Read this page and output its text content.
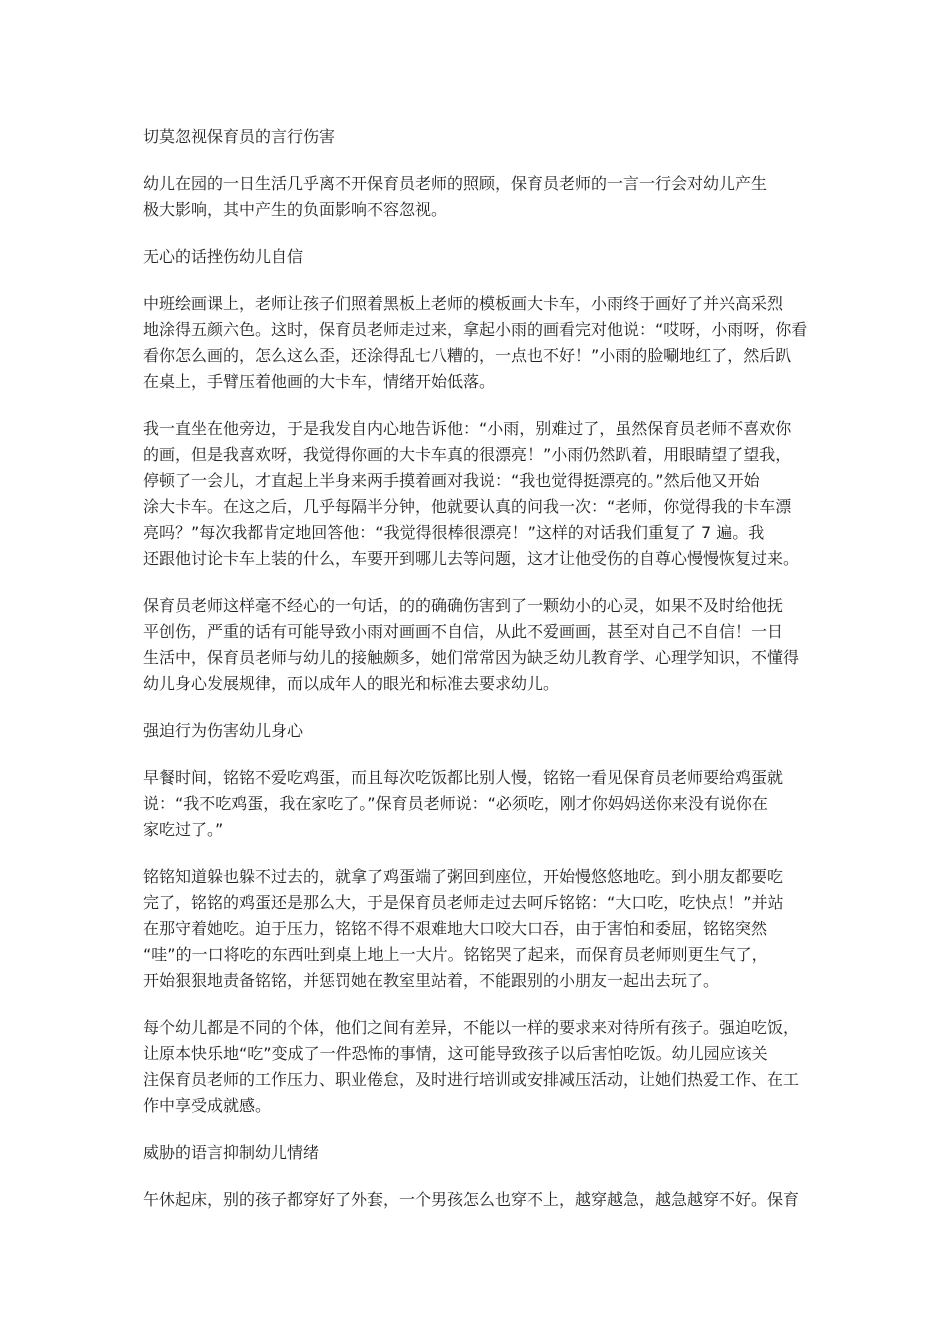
切莫忽视保育员的言行伤害

幼儿在园的一日生活几乎离不开保育员老师的照顾，保育员老师的一言一行会对幼儿产生
极大影响，其中产生的负面影响不容忽视。

无心的话挫伤幼儿自信

中班绘画课上，老师让孩子们照着黑板上老师的模板画大卡车，小雨终于画好了并兴高采烈
地涂得五颜六色。这时，保育员老师走过来，拿起小雨的画看完对他说：“哎呀，小雨呀，你看
看你怎么画的，怎么这么歪，还涂得乱七八糟的，一点也不好！”小雨的脸唰地红了，然后趴
在桌上，手臂压着他画的大卡车，情绪开始低落。

我一直坐在他旁边，于是我发自内心地告诉他：“小雨，别难过了，虽然保育员老师不喜欢你
的画，但是我喜欢呀，我觉得你画的大卡车真的很漂亮！”小雨仍然趴着，用眼睛望了望我，
停顿了一会儿，才直起上半身来两手摸着画对我说：“我也觉得挺漂亮的。”然后他又开始
涂大卡车。在这之后，几乎每隔半分钟，他就要认真的问我一次：“老师，你觉得我的卡车漂
亮吗？”每次我都肯定地回答他：“我觉得很棒很漂亮！”这样的对话我们重复了 7 遍。我
还跟他讨论卡车上装的什么，车要开到哪儿去等问题，这才让他受伤的自尊心慢慢恢复过来。

保育员老师这样毫不经心的一句话，的的确确伤害到了一颗幼小的心灵，如果不及时给他抚
平创伤，严重的话有可能导致小雨对画画不自信，从此不爱画画，甚至对自己不自信！一日
生活中，保育员老师与幼儿的接触颇多，她们常常因为缺乏幼儿教育学、心理学知识，不懂得
幼儿身心发展规律，而以成年人的眼光和标准去要求幼儿。

强迫行为伤害幼儿身心

早餐时间，铭铭不爱吃鸡蛋，而且每次吃饭都比别人慢，铭铭一看见保育员老师要给鸡蛋就
说：“我不吃鸡蛋，我在家吃了。”保育员老师说：“必须吃，刚才你妈妈送你来没有说你在
家吃过了。”

铭铭知道躲也躲不过去的，就拿了鸡蛋端了粥回到座位，开始慢悠悠地吃。到小朋友都要吃
完了，铭铭的鸡蛋还是那么大，于是保育员老师走过去呵斥铭铭：“大口吃，吃快点！”并站
在那守着她吃。迫于压力，铭铭不得不艰难地大口咬大口吞，由于害怕和委屈，铭铭突然
“哇”的一口将吃的东西吐到桌上地上一大片。铭铭哭了起来，而保育员老师则更生气了，
开始狠狠地责备铭铭，并惩罚她在教室里站着，不能跟别的小朋友一起出去玩了。

每个幼儿都是不同的个体，他们之间有差异，不能以一样的要求来对待所有孩子。强迫吃饭，
让原本快乐地“吃”变成了一件恐怖的事情，这可能导致孩子以后害怕吃饭。幼儿园应该关
注保育员老师的工作压力、职业倦怠，及时进行培训或安排减压活动，让她们热爱工作、在工
作中享受成就感。

威胁的语言抑制幼儿情绪

午休起床，别的孩子都穿好了外套，一个男孩怎么也穿不上，越穿越急，越急越穿不好。保育
